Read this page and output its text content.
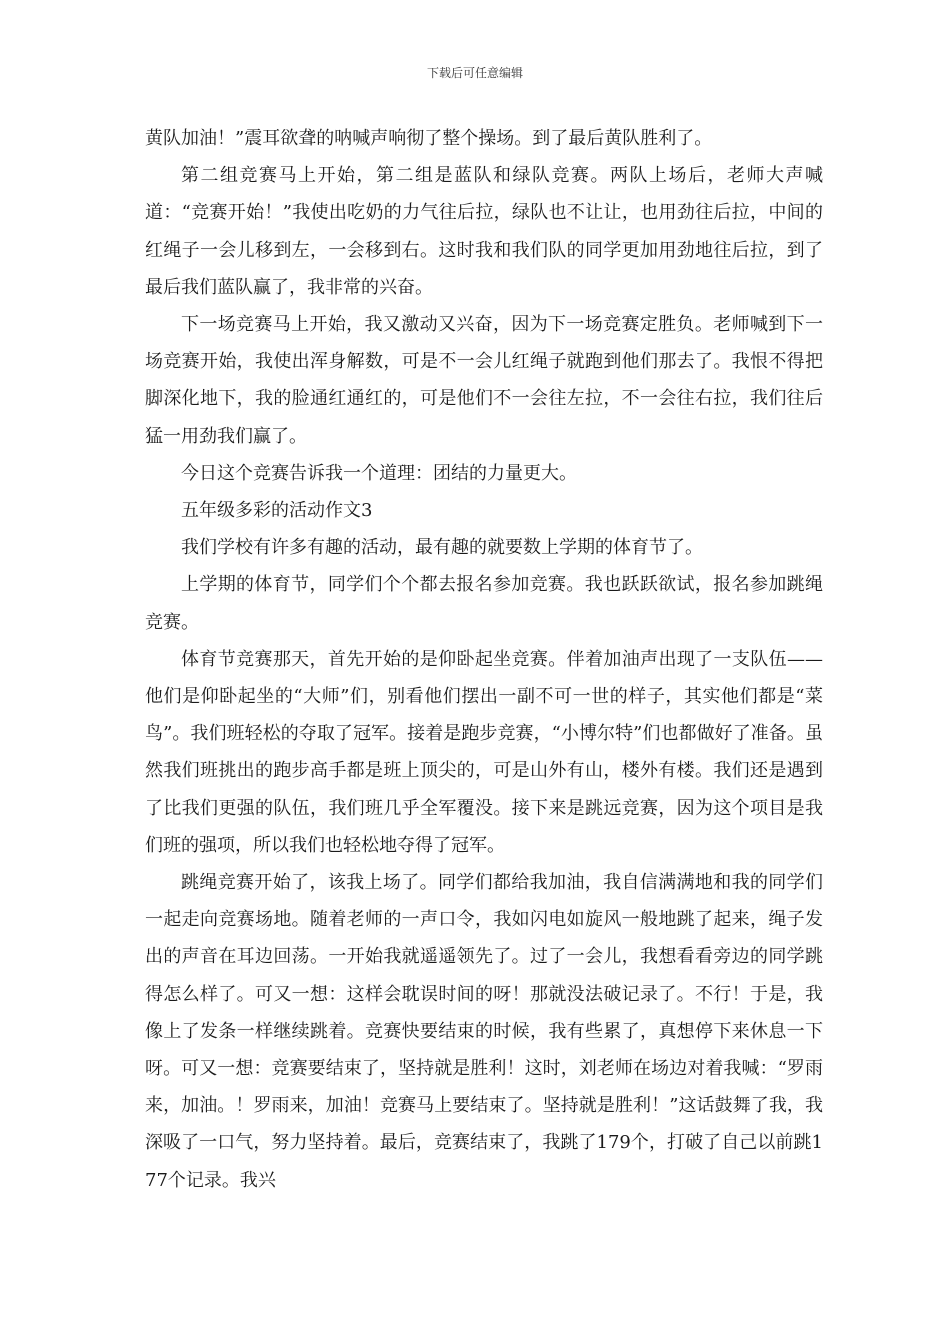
下载后可任意编辑

黄队加油！”震耳欲聋的呐喊声响彻了整个操场。到了最后黄队胜利了。

第二组竞赛马上开始，第二组是蓝队和绿队竞赛。两队上场后，老师大声喊道：“竞赛开始！”我使出吃奶的力气往后拉，绿队也不让让，也用劲往后拉，中间的红绳子一会儿移到左，一会移到右。这时我和我们队的同学更加用劲地往后拉，到了最后我们蓝队赢了，我非常的兴奋。

下一场竞赛马上开始，我又激动又兴奋，因为下一场竞赛定胜负。老师喊到下一场竞赛开始，我使出浑身解数，可是不一会儿红绳子就跑到他们那去了。我恨不得把脚深化地下，我的脸通红通红的，可是他们不一会往左拉，不一会往右拉，我们往后猛一用劲我们赢了。

今日这个竞赛告诉我一个道理：团结的力量更大。

五年级多彩的活动作文3

我们学校有许多有趣的活动，最有趣的就要数上学期的体育节了。

上学期的体育节，同学们个个都去报名参加竞赛。我也跃跃欲试，报名参加跳绳竞赛。

体育节竞赛那天，首先开始的是仰卧起坐竞赛。伴着加油声出现了一支队伍——他们是仰卧起坐的“大师”们，别看他们摆出一副不可一世的样子，其实他们都是“菜鸟”。我们班轻松的夺取了冠军。接着是跑步竞赛，“小博尔特”们也都做好了准备。虽然我们班挑出的跑步高手都是班上顶尖的，可是山外有山，楼外有楼。我们还是遇到了比我们更强的队伍，我们班几乎全军覆没。接下来是跳远竞赛，因为这个项目是我们班的强项，所以我们也轻松地夺得了冠军。

跳绳竞赛开始了，该我上场了。同学们都给我加油，我自信满满地和我的同学们一起走向竞赛场地。随着老师的一声口令，我如闪电如旋风一般地跳了起来，绳子发出的声音在耳边回荡。一开始我就遥遥领先了。过了一会儿，我想看看旁边的同学跳得怎么样了。可又一想：这样会耽误时间的呀！那就没法破记录了。不行！于是，我像上了发条一样继续跳着。竞赛快要结束的时候，我有些累了，真想停下来休息一下呀。可又一想：竞赛要结束了，坚持就是胜利！这时，刘老师在场边对着我喊：“罗雨来，加油。！罗雨来，加油！竞赛马上要结束了。坚持就是胜利！”这话鼓舞了我，我深吸了一口气，努力坚持着。最后，竞赛结束了，我跳了179个，打破了自己以前跳177个记录。我兴
